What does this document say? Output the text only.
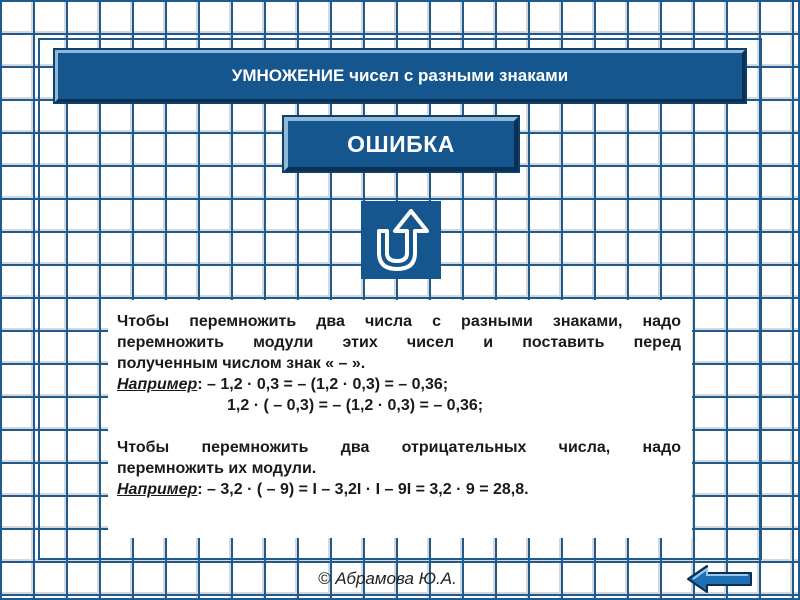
УМНОЖЕНИЕ чисел с разными знаками
ОШИБКА
Чтобы перемножить два числа с разными знаками, надо
перемножить модули этих чисел и поставить перед
полученным числом знак « – ».
Например: – 1,2 · 0,3 = – (1,2 · 0,3) = – 0,36;
1,2 · ( – 0,3) = – (1,2 · 0,3) = – 0,36;
Чтобы перемножить два отрицательных числа, надо
перемножить их модули.
Например: – 3,2 · ( – 9) = I – 3,2I · I – 9I = 3,2 · 9 = 28,8.
© Абрамова Ю.А.
